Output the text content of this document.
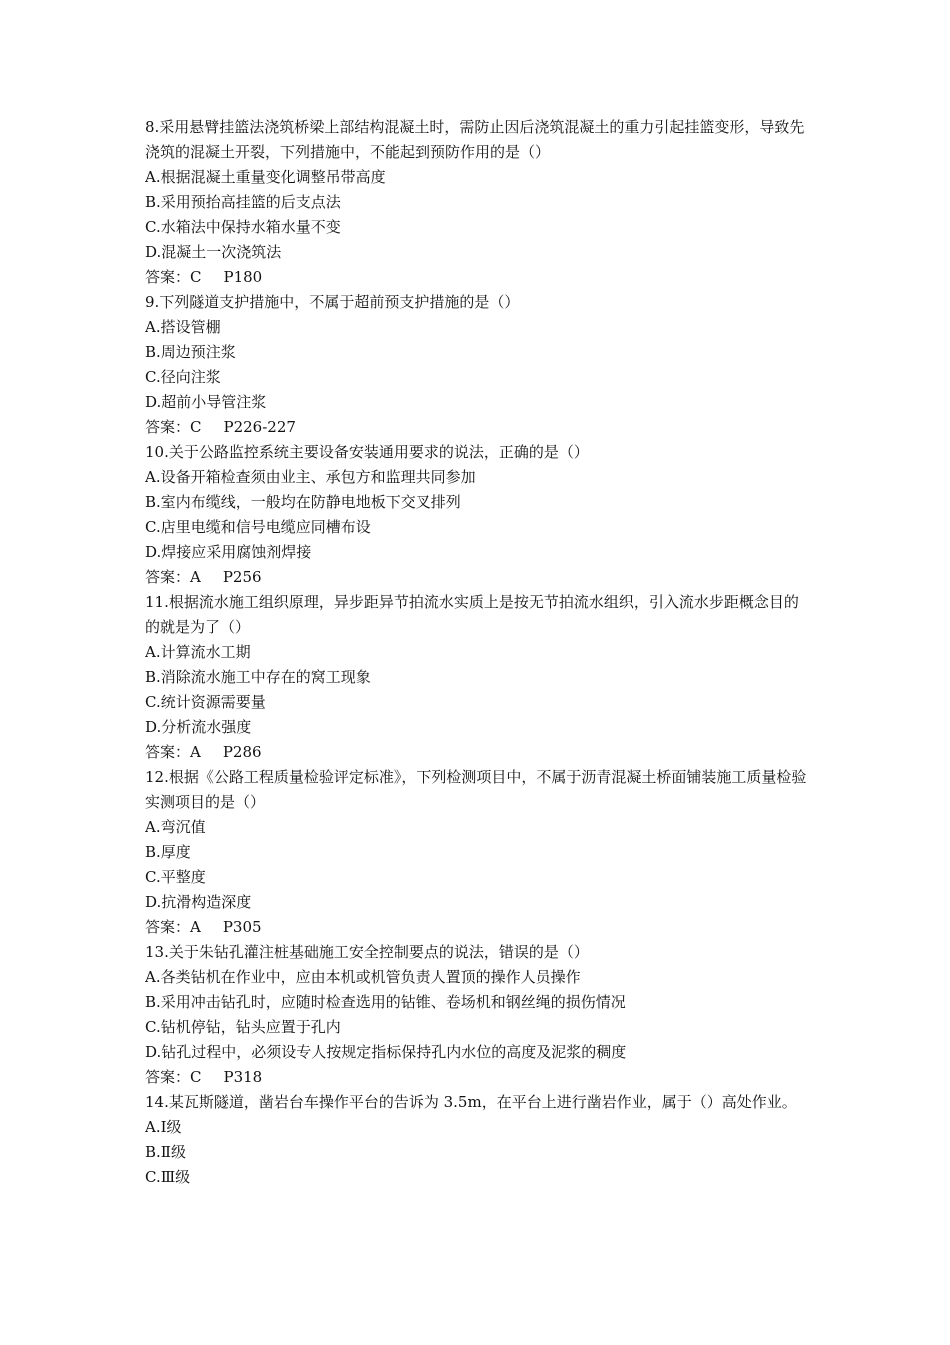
8.采用悬臂挂篮法浇筑桥梁上部结构混凝土时，需防止因后浇筑混凝土的重力引起挂篮变形，导致先浇筑的混凝土开裂，下列措施中，不能起到预防作用的是（）
A.根据混凝土重量变化调整吊带高度
B.采用预抬高挂篮的后支点法
C.水箱法中保持水箱水量不变
D.混凝土一次浇筑法
答案：C P180
9.下列隧道支护措施中，不属于超前预支护措施的是（）
A.搭设管棚
B.周边预注浆
C.径向注浆
D.超前小导管注浆
答案：C P226-227
10.关于公路监控系统主要设备安装通用要求的说法，正确的是（）
A.设备开箱检查须由业主、承包方和监理共同参加
B.室内布缆线，一般均在防静电地板下交叉排列
C.店里电缆和信号电缆应同槽布设
D.焊接应采用腐蚀剂焊接
答案：A P256
11.根据流水施工组织原理，异步距异节拍流水实质上是按无节拍流水组织，引入流水步距概念目的的就是为了（）
A.计算流水工期
B.消除流水施工中存在的窝工现象
C.统计资源需要量
D.分析流水强度
答案：A P286
12.根据《公路工程质量检验评定标准》，下列检测项目中，不属于沥青混凝土桥面铺装施工质量检验实测项目的是（）
A.弯沉值
B.厚度
C.平整度
D.抗滑构造深度
答案：A P305
13.关于朱钻孔灌注桩基础施工安全控制要点的说法，错误的是（）
A.各类钻机在作业中，应由本机或机管负责人置顶的操作人员操作
B.采用冲击钻孔时，应随时检查选用的钻锥、卷场机和钢丝绳的损伤情况
C.钻机停钻，钻头应置于孔内
D.钻孔过程中，必须设专人按规定指标保持孔内水位的高度及泥浆的稠度
答案：C P318
14.某瓦斯隧道，凿岩台车操作平台的告诉为 3.5m，在平台上进行凿岩作业，属于（）高处作业。
A.Ⅰ级
B.Ⅱ级
C.Ⅲ级
